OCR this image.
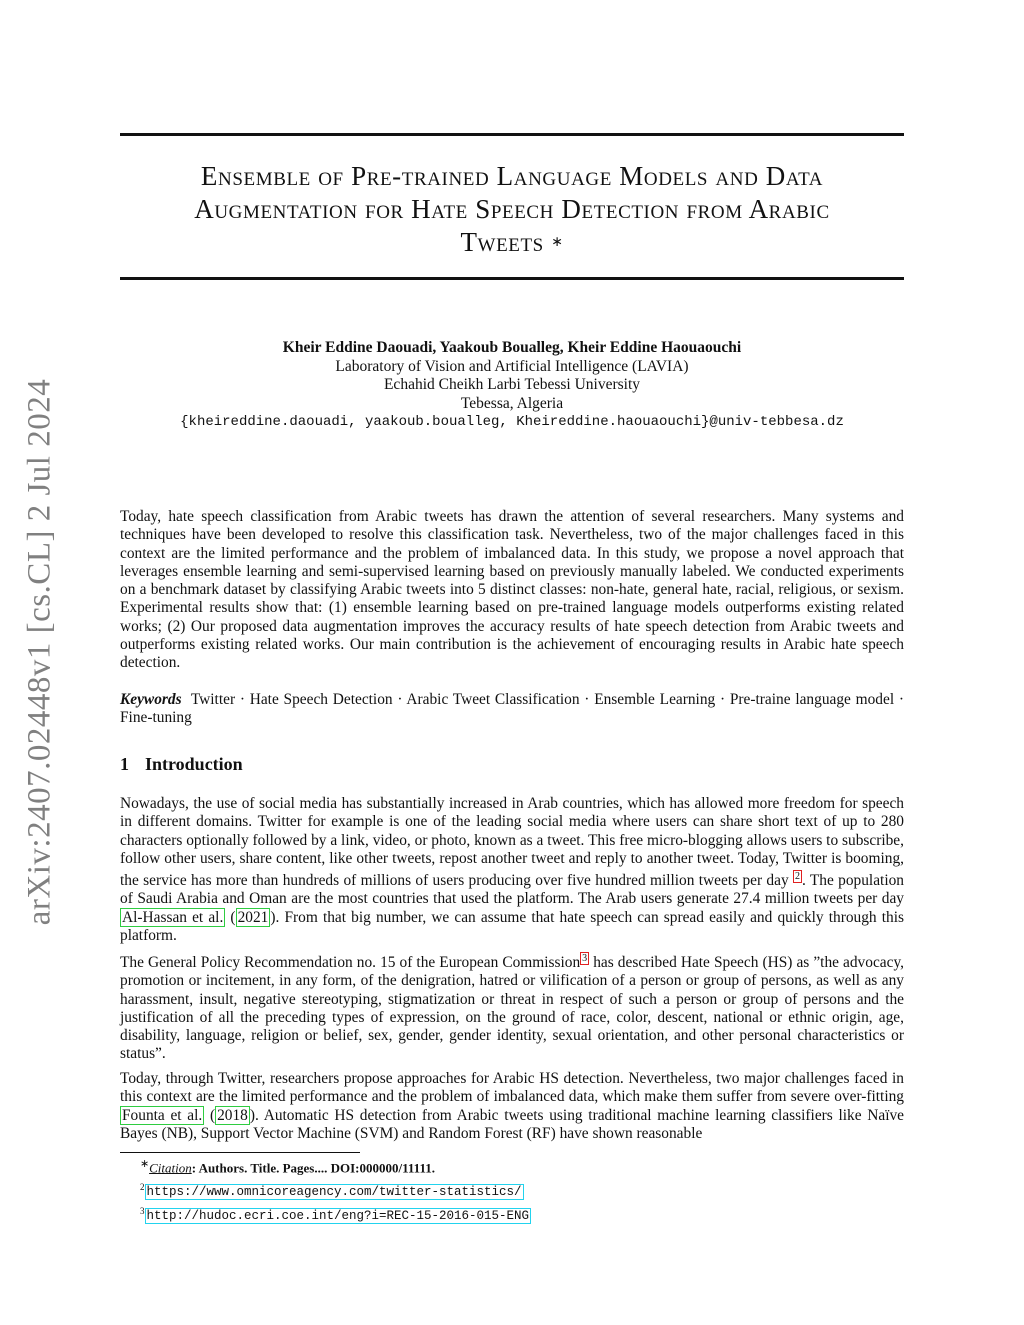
arXiv:2407.02448v1 [cs.CL] 2 Jul 2024
Ensemble of Pre-trained Language Models and Data
Augmentation for Hate Speech Detection from Arabic
Tweets ∗
Kheir Eddine Daouadi, Yaakoub Boualleg, Kheir Eddine Haouaouchi
Laboratory of Vision and Artificial Intelligence (LAVIA)
Echahid Cheikh Larbi Tebessi University
Tebessa, Algeria
{kheireddine.daouadi, yaakoub.boualleg, Kheireddine.haouaouchi}@univ-tebbesa.dz
Today, hate speech classification from Arabic tweets has drawn the attention of several researchers. Many systems and techniques have been developed to resolve this classification task. Nevertheless, two of the major challenges faced in this context are the limited performance and the problem of imbalanced data. In this study, we propose a novel approach that leverages ensemble learning and semi-supervised learning based on previously manually labeled. We conducted experiments on a benchmark dataset by classifying Arabic tweets into 5 distinct classes: non-hate, general hate, racial, religious, or sexism. Experimental results show that: (1) ensemble learning based on pre-trained language models outperforms existing related works; (2) Our proposed data augmentation improves the accuracy results of hate speech detection from Arabic tweets and outperforms existing related works. Our main contribution is the achievement of encouraging results in Arabic hate speech detection.
Keywords Twitter · Hate Speech Detection · Arabic Tweet Classification · Ensemble Learning · Pre-traine language model · Fine-tuning
1 Introduction
Nowadays, the use of social media has substantially increased in Arab countries, which has allowed more freedom for speech in different domains. Twitter for example is one of the leading social media where users can share short text of up to 280 characters optionally followed by a link, video, or photo, known as a tweet. This free micro-blogging allows users to subscribe, follow other users, share content, like other tweets, repost another tweet and reply to another tweet. Today, Twitter is booming, the service has more than hundreds of millions of users producing over five hundred million tweets per day $^2$ . The population of Saudi Arabia and Oman are the most countries that used the platform. The Arab users generate 27.4 million tweets per day Al-Hassan et al. ( 2021 ). From that big number, we can assume that hate speech can spread easily and quickly through this platform.
The General Policy Recommendation no. 15 of the European Commission $^3$ has described Hate Speech (HS) as ”the advocacy, promotion or incitement, in any form, of the denigration, hatred or vilification of a person or group of persons, as well as any harassment, insult, negative stereotyping, stigmatization or threat in respect of such a person or group of persons and the justification of all the preceding types of expression, on the ground of race, color, descent, national or ethnic origin, age, disability, language, religion or belief, sex, gender, gender identity, sexual orientation, and other personal characteristics or status”.
Today, through Twitter, researchers propose approaches for Arabic HS detection. Nevertheless, two major challenges faced in this context are the limited performance and the problem of imbalanced data, which make them suffer from severe over-fitting Founta et al. ( 2018 ). Automatic HS detection from Arabic tweets using traditional machine learning classifiers like Naïve Bayes (NB), Support Vector Machine (SVM) and Random Forest (RF) have shown reasonable
∗Citation: Authors. Title. Pages.... DOI:000000/11111.
$^2$ https://www.omnicoreagency.com/twitter-statistics/
$^3$ http://hudoc.ecri.coe.int/eng?i=REC-15-2016-015-ENG
